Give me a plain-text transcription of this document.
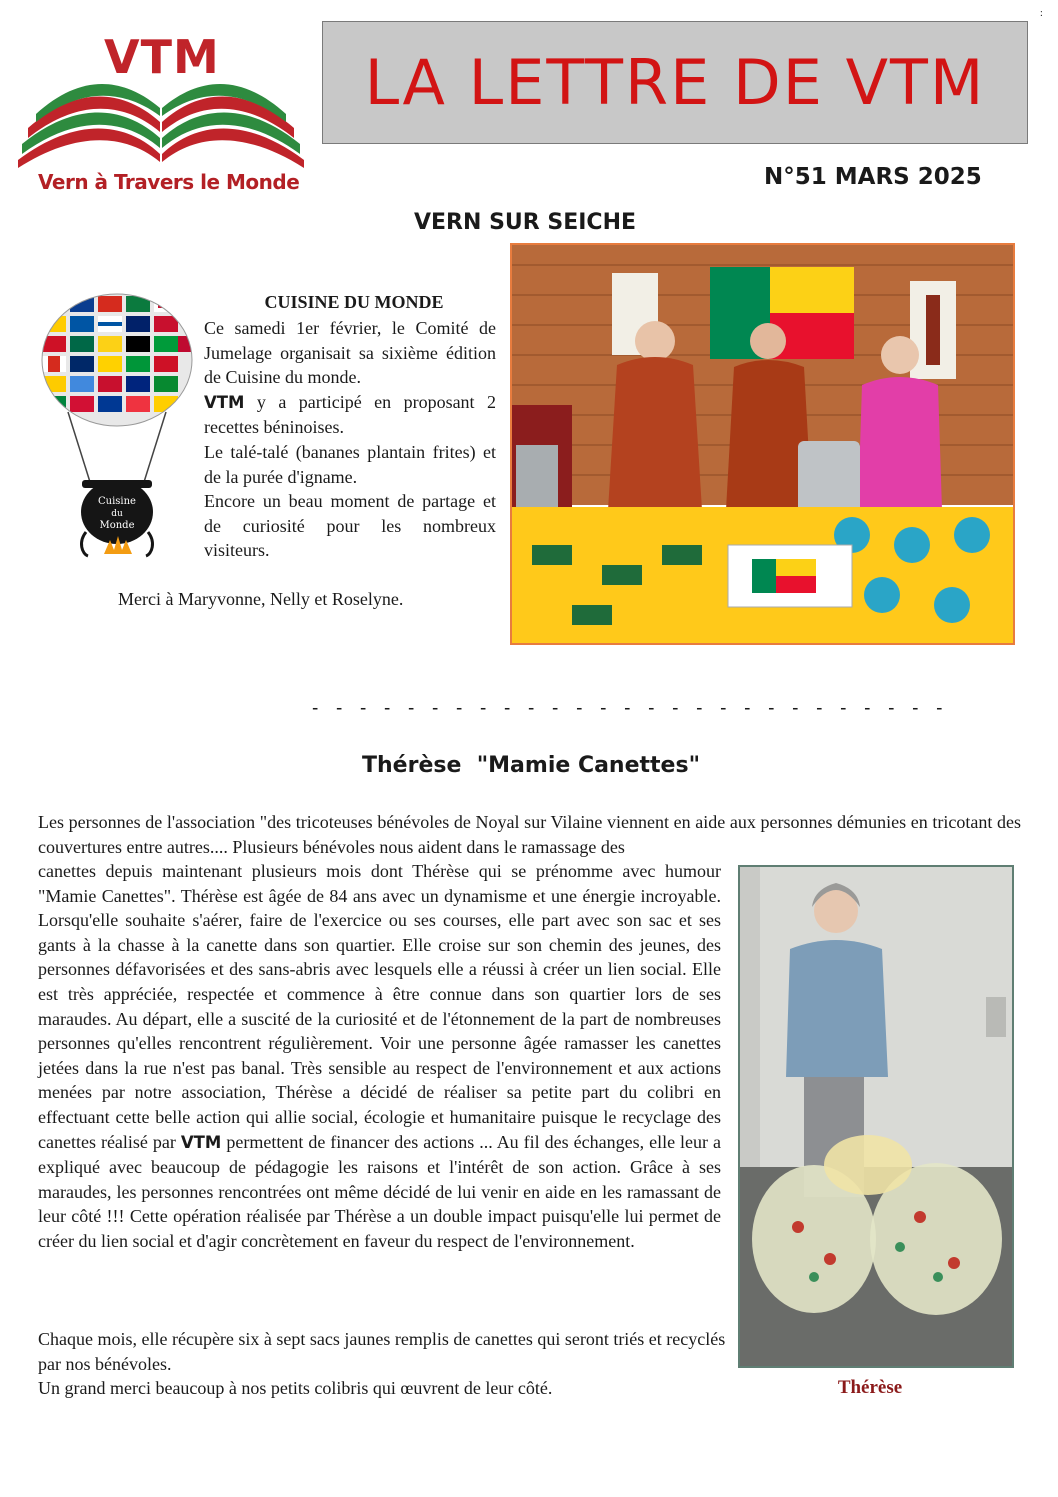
VTM
Vern à Travers le Monde
LA LETTRE DE VTM
N°51 MARS 2025
VERN SUR SEICHE
Cuisine
du
Monde
CUISINE DU MONDE

Ce samedi 1er février, le Comité de Jumelage organisait sa sixième édition de Cuisine du monde.

VTM y a participé en proposant 2 recettes béninoises.

Le talé-talé (bananes plantain frites) et de la purée d'igname.

Encore un beau moment de partage et de curiosité pour les nombreux visiteurs.

Merci à Maryvonne, Nelly et Roselyne.
- - - - - - - - - - - - - - - - - - - - - - - - - - -
Thérèse  "Mamie Canettes"
Les personnes de l'association "des tricoteuses bénévoles de Noyal sur Vilaine viennent en aide aux personnes démunies en tricotant des couvertures entre autres.... Plusieurs bénévoles nous aident dans le ramassage des

canettes depuis maintenant plusieurs mois dont Thérèse qui se prénomme avec humour "Mamie Canettes". Thérèse est âgée de 84 ans avec un dynamisme et une énergie incroyable. Lorsqu'elle souhaite s'aérer, faire de l'exercice ou ses courses, elle part avec son sac et ses gants à la chasse à la canette dans son quartier. Elle croise sur son chemin des jeunes, des personnes défavorisées et des sans-abris avec lesquels elle a réussi à créer un lien social. Elle est très appréciée, respectée et commence à être connue dans son quartier lors de ses maraudes. Au départ, elle a suscité de la curiosité et de l'étonnement de la part de nombreuses personnes qu'elles rencontrent régulièrement. Voir une personne âgée ramasser les canettes jetées dans la rue n'est pas banal. Très sensible au respect de l'environnement et aux actions menées par notre association, Thérèse a décidé de réaliser sa petite part du colibri en effectuant cette belle action qui allie social, écologie et humanitaire puisque le recyclage des canettes réalisé par VTM permettent de financer des actions ... Au fil des échanges, elle leur a expliqué avec beaucoup de pédagogie les raisons et l'intérêt de son action. Grâce à ses maraudes, les personnes rencontrées ont même décidé de lui venir en aide en les ramassant de leur côté !!! Cette opération réalisée par Thérèse a un double impact puisqu'elle lui permet de créer du lien social et d'agir concrètement en faveur du respect de l'environnement.

Chaque mois, elle récupère six à sept sacs jaunes remplis de canettes qui seront triés et recyclés par nos bénévoles.

Un grand merci beaucoup à nos petits colibris qui œuvrent de leur côté.	Thérèse
:
